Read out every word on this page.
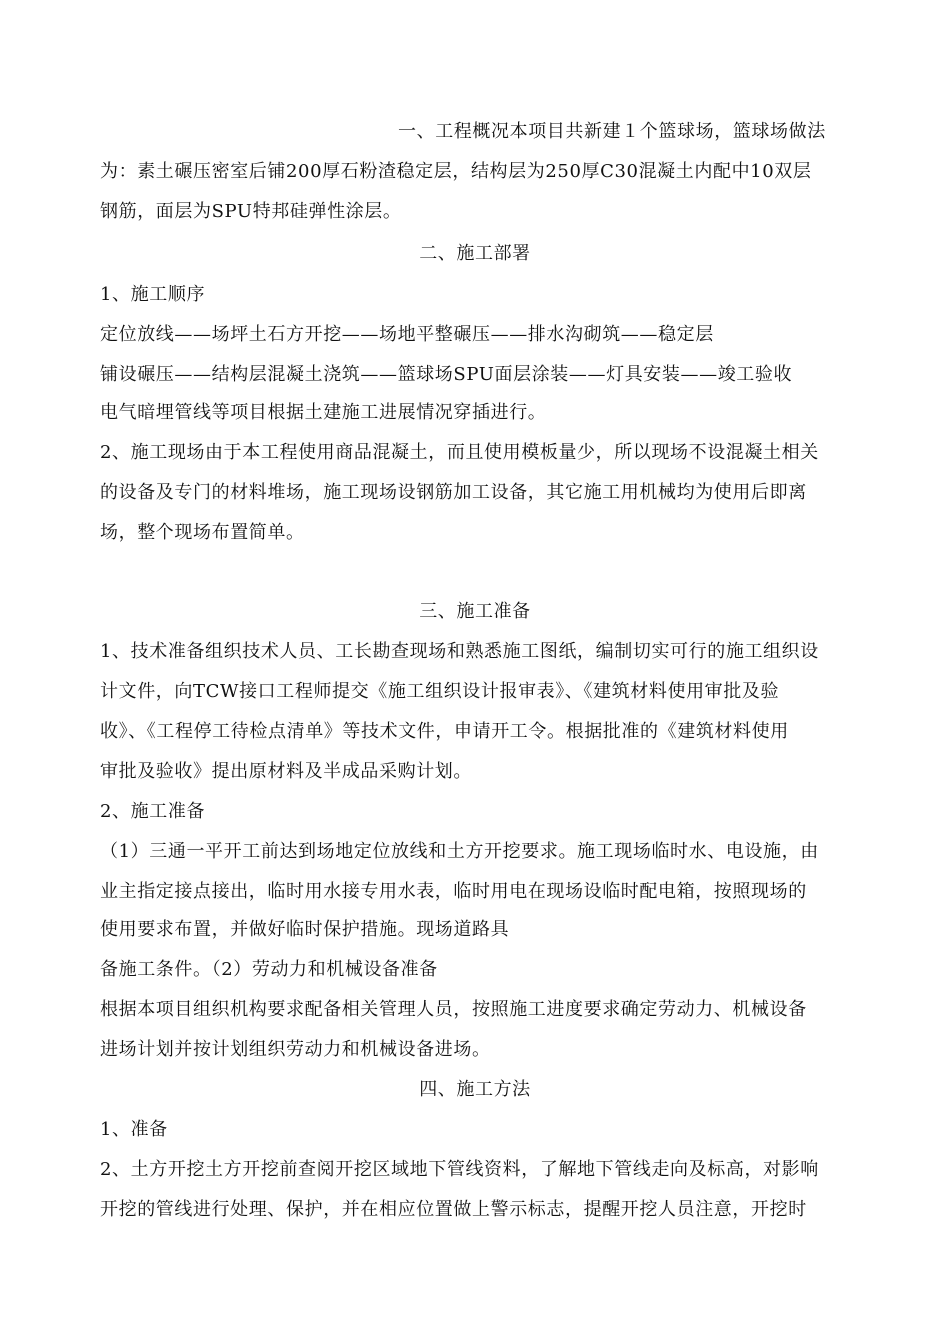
一、工程概况本项目共新建１个篮球场，篮球场做法
为：素土碾压密室后铺200厚石粉渣稳定层，结构层为250厚C30混凝土内配中10双层
钢筋，面层为SPU特邦硅弹性涂层。
二、施工部署
1、施工顺序
定位放线——场坪土石方开挖——场地平整碾压——排水沟砌筑——稳定层
铺设碾压——结构层混凝土浇筑——篮球场SPU面层涂装——灯具安装——竣工验收
电气暗埋管线等项目根据土建施工进展情况穿插进行。
2、施工现场由于本工程使用商品混凝土，而且使用模板量少，所以现场不设混凝土相关
的设备及专门的材料堆场，施工现场设钢筋加工设备，其它施工用机械均为使用后即离
场，整个现场布置简单。
三、施工准备
1、技术准备组织技术人员、工长勘查现场和熟悉施工图纸，编制切实可行的施工组织设
计文件，向TCW接口工程师提交《施工组织设计报审表》、《建筑材料使用审批及验
收》、《工程停工待检点清单》等技术文件，申请开工令。根据批准的《建筑材料使用
审批及验收》提出原材料及半成品采购计划。
2、施工准备
（1）三通一平开工前达到场地定位放线和土方开挖要求。施工现场临时水、电设施，由
业主指定接点接出，临时用水接专用水表，临时用电在现场设临时配电箱，按照现场的
使用要求布置，并做好临时保护措施。现场道路具
备施工条件。（2）劳动力和机械设备准备
根据本项目组织机构要求配备相关管理人员，按照施工进度要求确定劳动力、机械设备
进场计划并按计划组织劳动力和机械设备进场。
四、施工方法
1、准备
2、土方开挖土方开挖前查阅开挖区域地下管线资料，了解地下管线走向及标高，对影响
开挖的管线进行处理、保护，并在相应位置做上警示标志，提醒开挖人员注意，开挖时
